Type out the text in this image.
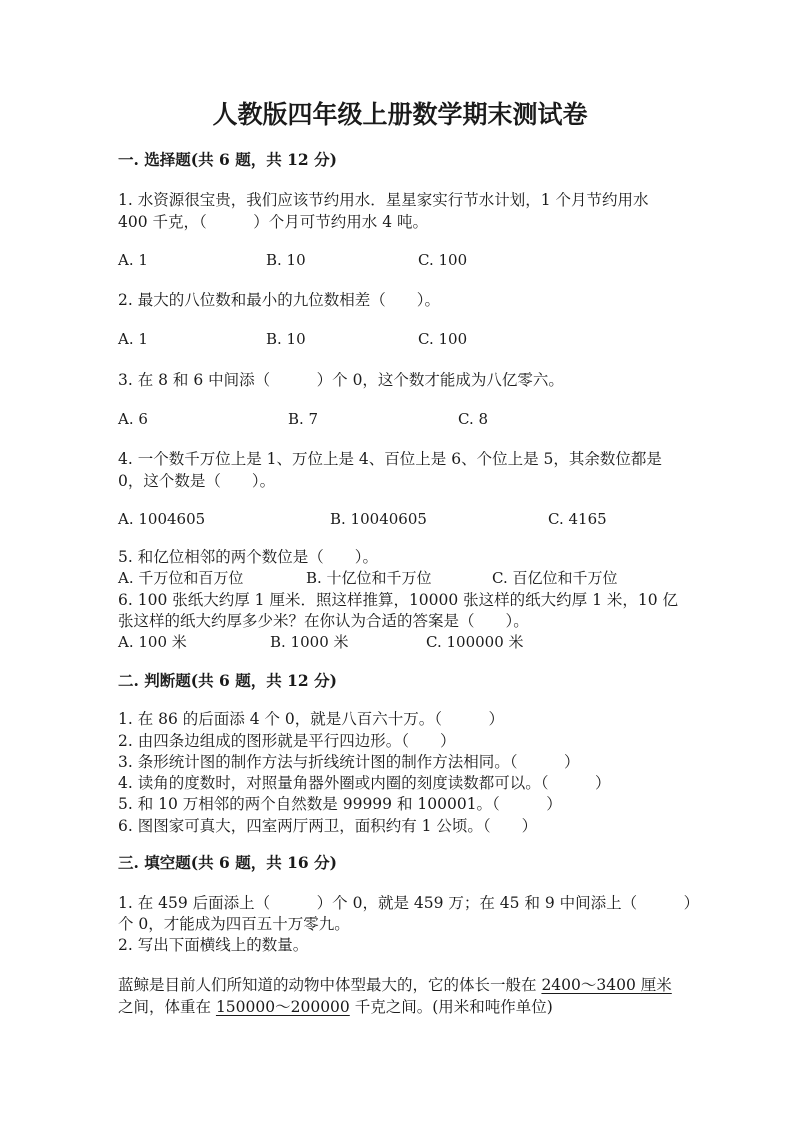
人教版四年级上册数学期末测试卷
一. 选择题(共 6 题，共 12 分)
1. 水资源很宝贵，我们应该节约用水．星星家实行节水计划，1 个月节约用水
400 千克，（　　　）个月可节约用水 4 吨。
A. 1	B. 10	C. 100
2. 最大的八位数和最小的九位数相差（　　）。
A. 1	B. 10	C. 100
3. 在 8 和 6 中间添（　　　）个 0，这个数才能成为八亿零六。
A. 6	B. 7	C. 8
4. 一个数千万位上是 1、万位上是 4、百位上是 6、个位上是 5，其余数位都是
0，这个数是（　　）。
A. 1004605	B. 10040605	C. 4165
5. 和亿位相邻的两个数位是（　　）。
A. 千万位和百万位	B. 十亿位和千万位	C. 百亿位和千万位
6. 100 张纸大约厚 1 厘米．照这样推算，10000 张这样的纸大约厚 1 米，10 亿
张这样的纸大约厚多少米？在你认为合适的答案是（　　）。
A. 100 米	B. 1000 米	C. 100000 米
二. 判断题(共 6 题，共 12 分)
1. 在 86 的后面添 4 个 0，就是八百六十万。（　　　）
2. 由四条边组成的图形就是平行四边形。（　　）
3. 条形统计图的制作方法与折线统计图的制作方法相同。（　　　）
4. 读角的度数时，对照量角器外圈或内圈的刻度读数都可以。（　　　）
5. 和 10 万相邻的两个自然数是 99999 和 100001。（　　　）
6. 图图家可真大，四室两厅两卫，面积约有 1 公顷。（　　）
三. 填空题(共 6 题，共 16 分)
1. 在 459 后面添上（　　　）个 0，就是 459 万；在 45 和 9 中间添上（　　　）
个 0，才能成为四百五十万零九。
2. 写出下面横线上的数量。
蓝鲸是目前人们所知道的动物中体型最大的，它的体长一般在 2400～3400 厘米
之间，体重在 150000～200000 千克之间。(用米和吨作单位)
